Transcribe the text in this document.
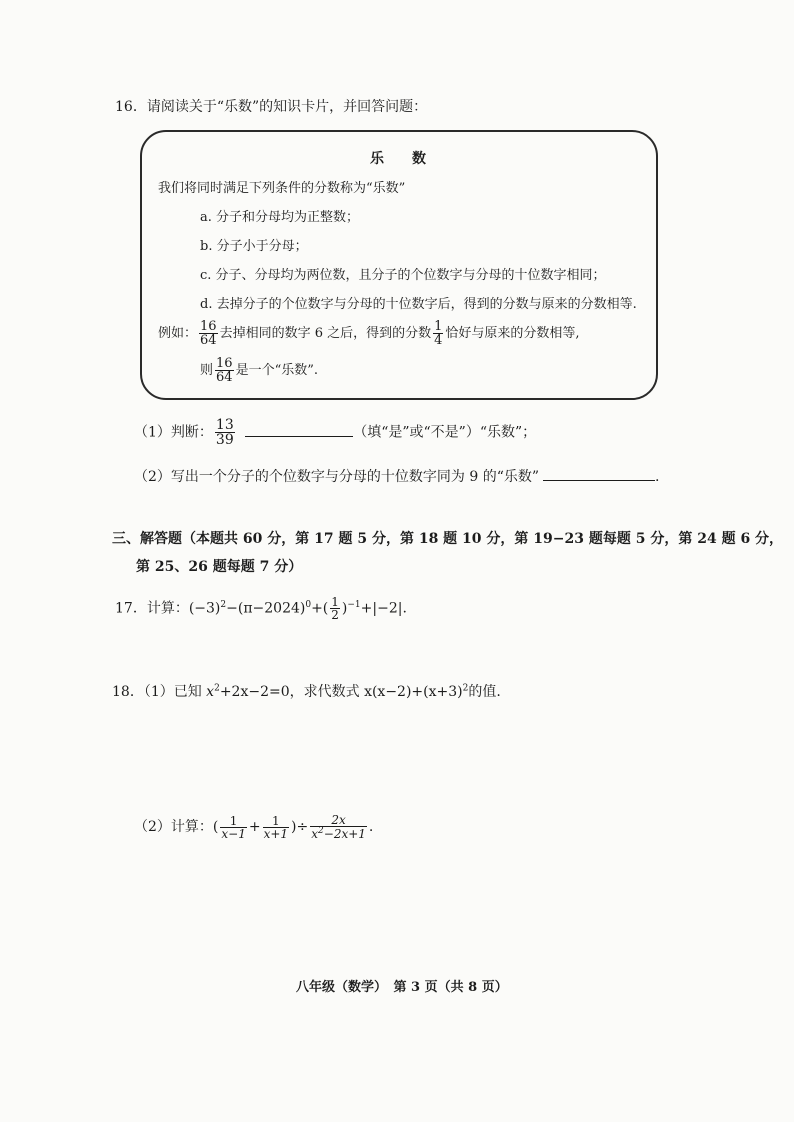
16．请阅读关于“乐数”的知识卡片，并回答问题：
乐　　数
我们将同时满足下列条件的分数称为“乐数”
a. 分子和分母均为正整数；
b. 分子小于分母；
c. 分子、分母均为两位数，且分子的个位数字与分母的十位数字相同；
d. 去掉分子的个位数字与分母的十位数字后，得到的分数与原来的分数相等.
例如： $\frac{16}{64}$ 去掉相同的数字 6 之后，得到的分数 $\frac{1}{4}$ 恰好与原来的分数相等,
则 $\frac{16}{64}$ 是一个“乐数”.
（1）判断： $\frac{13}{39}$	（填“是”或“不是”）“乐数”；
（2）写出一个分子的个位数字与分母的十位数字同为 9 的“乐数”	.
三、解答题（本题共 60 分，第 17 题 5 分，第 18 题 10 分，第 19−23 题每题 5 分，第 24 题 6 分，
第 25、26 题每题 7 分）
17．计算：$(-3)^2-(\pi-2024)^0+( \frac{1}{2} )^{-1}+|-2|$.
18．（1）已知 $x^2+2x-2=0$，求代数式 $x(x-2)+(x+3)^2$的值.
（2）计算：( $\frac{1}{x-1} + \frac{1}{x+1}$ )÷ $\frac{2x}{x^2-2x+1}$ .
八年级（数学）　第 3 页（共 8 页）
